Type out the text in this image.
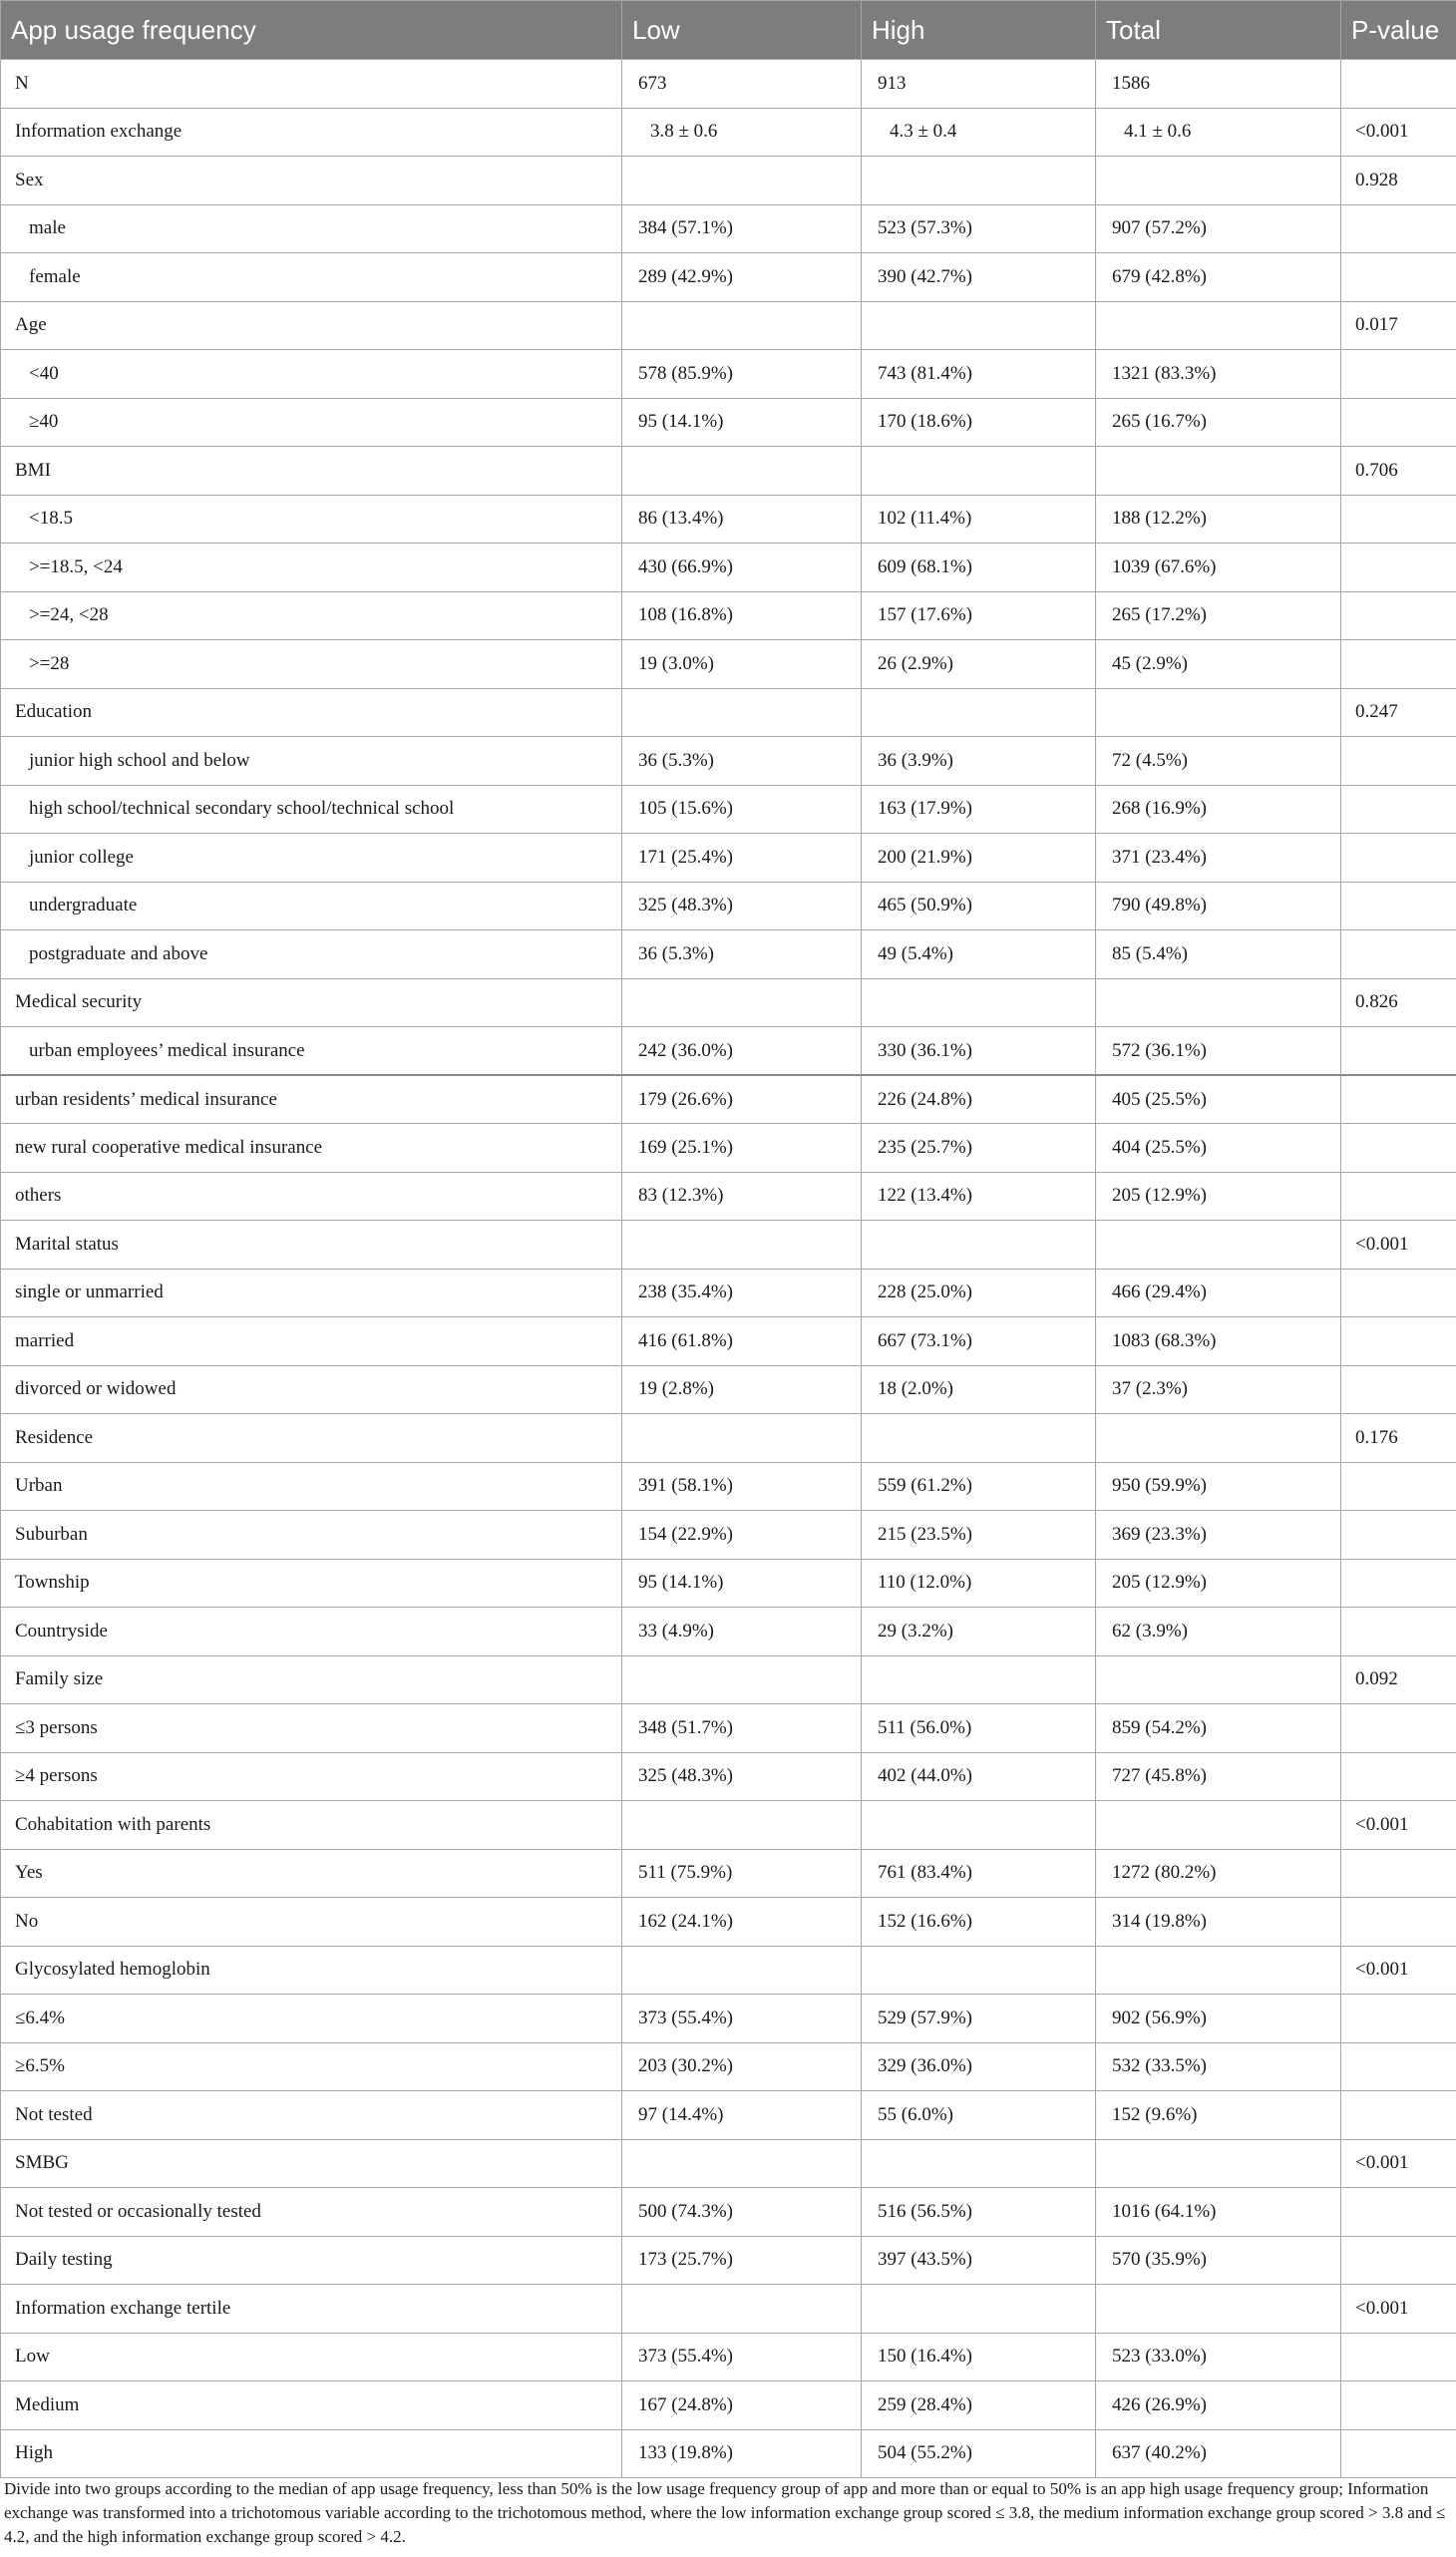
App usage frequency	Low	High	Total	P-value
N	673	913	1586	
Information exchange	3.8 ± 0.6	4.3 ± 0.4	4.1 ± 0.6	<0.001
Sex				0.928
male	384 (57.1%)	523 (57.3%)	907 (57.2%)	
female	289 (42.9%)	390 (42.7%)	679 (42.8%)	
Age				0.017
<40	578 (85.9%)	743 (81.4%)	1321 (83.3%)	
≥40	95 (14.1%)	170 (18.6%)	265 (16.7%)	
BMI				0.706
<18.5	86 (13.4%)	102 (11.4%)	188 (12.2%)	
>=18.5, <24	430 (66.9%)	609 (68.1%)	1039 (67.6%)	
>=24, <28	108 (16.8%)	157 (17.6%)	265 (17.2%)	
>=28	19 (3.0%)	26 (2.9%)	45 (2.9%)	
Education				0.247
junior high school and below	36 (5.3%)	36 (3.9%)	72 (4.5%)	
high school/technical secondary school/technical school	105 (15.6%)	163 (17.9%)	268 (16.9%)	
junior college	171 (25.4%)	200 (21.9%)	371 (23.4%)	
undergraduate	325 (48.3%)	465 (50.9%)	790 (49.8%)	
postgraduate and above	36 (5.3%)	49 (5.4%)	85 (5.4%)	
Medical security				0.826
urban employees’ medical insurance	242 (36.0%)	330 (36.1%)	572 (36.1%)	
urban residents’ medical insurance	179 (26.6%)	226 (24.8%)	405 (25.5%)	
new rural cooperative medical insurance	169 (25.1%)	235 (25.7%)	404 (25.5%)	
others	83 (12.3%)	122 (13.4%)	205 (12.9%)	
Marital status				<0.001
single or unmarried	238 (35.4%)	228 (25.0%)	466 (29.4%)	
married	416 (61.8%)	667 (73.1%)	1083 (68.3%)	
divorced or widowed	19 (2.8%)	18 (2.0%)	37 (2.3%)	
Residence				0.176
Urban	391 (58.1%)	559 (61.2%)	950 (59.9%)	
Suburban	154 (22.9%)	215 (23.5%)	369 (23.3%)	
Township	95 (14.1%)	110 (12.0%)	205 (12.9%)	
Countryside	33 (4.9%)	29 (3.2%)	62 (3.9%)	
Family size				0.092
≤3 persons	348 (51.7%)	511 (56.0%)	859 (54.2%)	
≥4 persons	325 (48.3%)	402 (44.0%)	727 (45.8%)	
Cohabitation with parents				<0.001
Yes	511 (75.9%)	761 (83.4%)	1272 (80.2%)	
No	162 (24.1%)	152 (16.6%)	314 (19.8%)	
Glycosylated hemoglobin				<0.001
≤6.4%	373 (55.4%)	529 (57.9%)	902 (56.9%)	
≥6.5%	203 (30.2%)	329 (36.0%)	532 (33.5%)	
Not tested	97 (14.4%)	55 (6.0%)	152 (9.6%)	
SMBG				<0.001
Not tested or occasionally tested	500 (74.3%)	516 (56.5%)	1016 (64.1%)	
Daily testing	173 (25.7%)	397 (43.5%)	570 (35.9%)	
Information exchange tertile				<0.001
Low	373 (55.4%)	150 (16.4%)	523 (33.0%)	
Medium	167 (24.8%)	259 (28.4%)	426 (26.9%)	
High	133 (19.8%)	504 (55.2%)	637 (40.2%)	
Divide into two groups according to the median of app usage frequency, less than 50% is the low usage frequency group of app and more than or equal to 50% is an app high usage frequency group; Information exchange was transformed into a trichotomous variable according to the trichotomous method, where the low information exchange group scored ≤ 3.8, the medium information exchange group scored > 3.8 and ≤ 4.2, and the high information exchange group scored > 4.2.
